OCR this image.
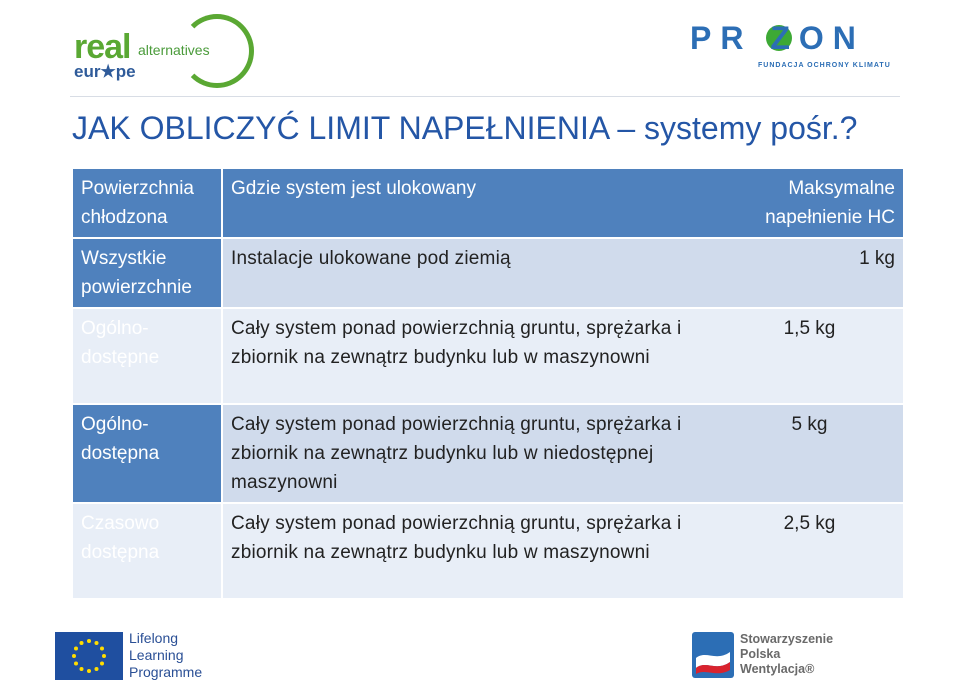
real alternatives
eur★pe
PR ZON
FUNDACJA OCHRONY KLIMATU
JAK OBLICZYĆ LIMIT NAPEŁNIENIA – systemy pośr.?
Powierzchnia chłodzona	Gdzie system jest ulokowany	Maksymalne napełnienie HC
Wszystkie powierzchnie	Instalacje ulokowane pod ziemią	1 kg
Ogólno-dostępne	Cały system ponad powierzchnią gruntu, sprężarka i zbiornik na zewnątrz budynku lub w maszynowni	1,5 kg
Ogólno-dostępna	Cały system ponad powierzchnią gruntu, sprężarka i zbiornik na zewnątrz budynku lub w niedostępnej maszynowni	5 kg
Czasowo dostępna	Cały system ponad powierzchnią gruntu, sprężarka i zbiornik na zewnątrz budynku lub w maszynowni	2,5 kg
Lifelong
Learning
Programme
Stowarzyszenie
Polska
Wentylacja®
